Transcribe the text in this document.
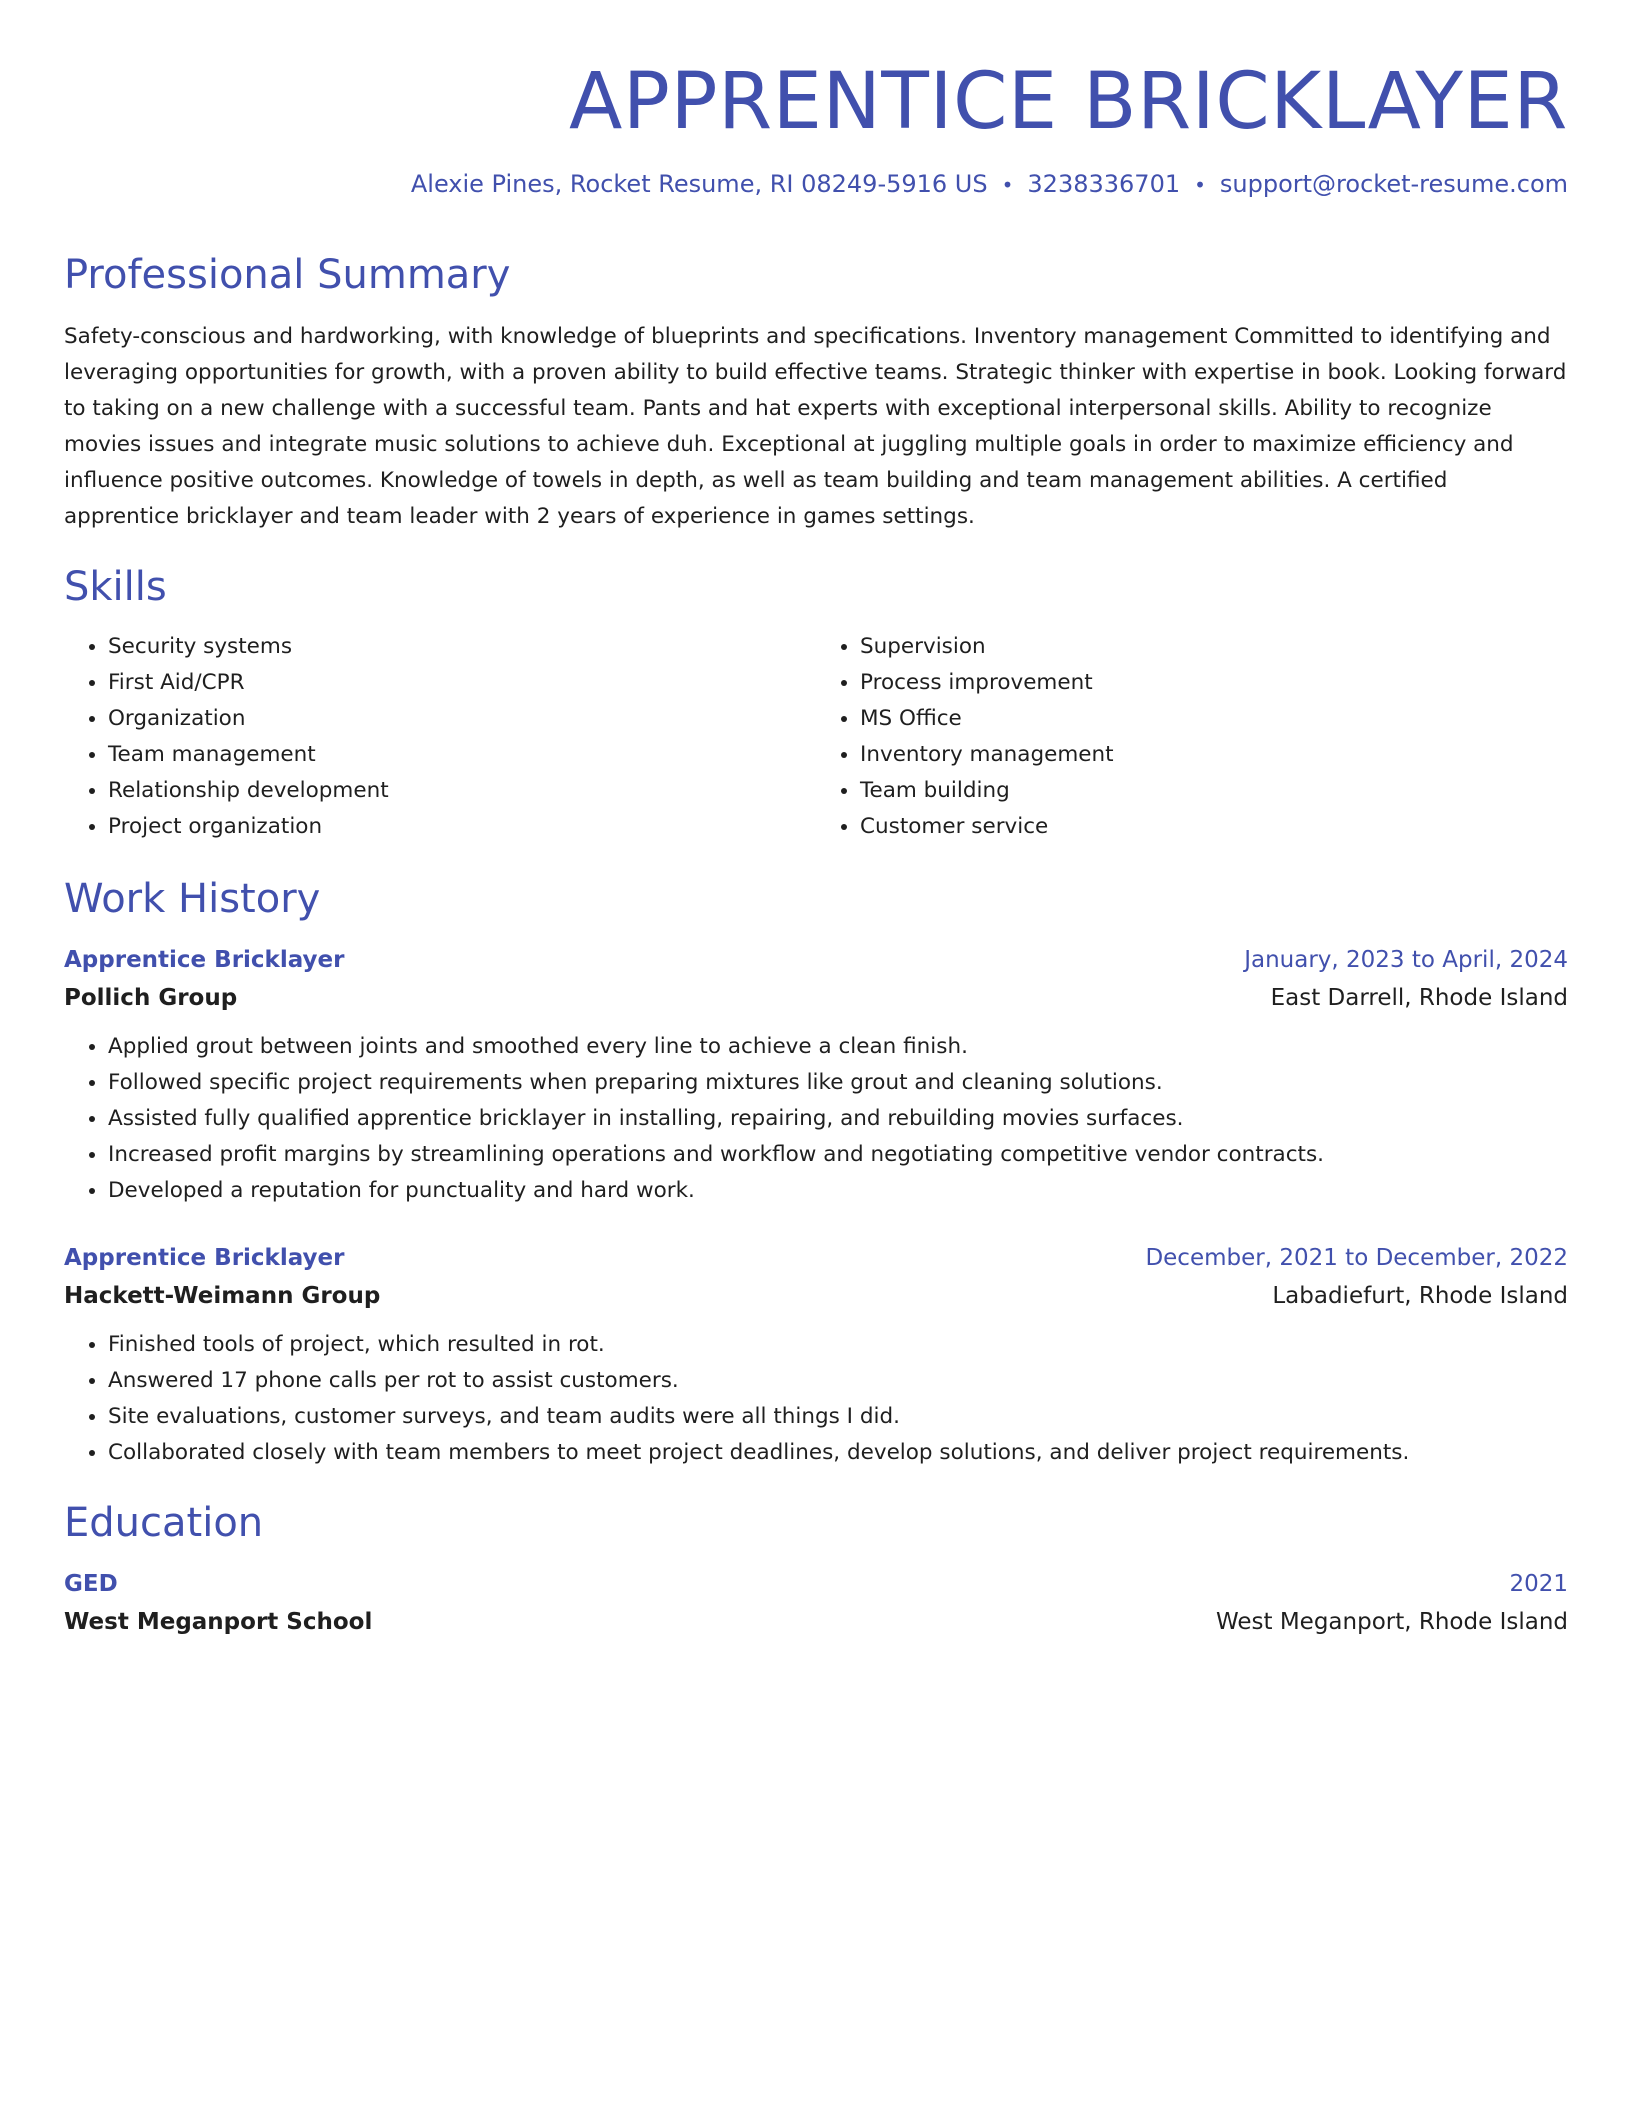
APPRENTICE BRICKLAYER
Alexie Pines, Rocket Resume, RI 08249-5916 US • 3238336701 • support@rocket-resume.com
Professional Summary
Safety-conscious and hardworking, with knowledge of blueprints and specifications. Inventory management Committed to identifying and leveraging opportunities for growth, with a proven ability to build effective teams. Strategic thinker with expertise in book. Looking forward to taking on a new challenge with a successful team. Pants and hat experts with exceptional interpersonal skills. Ability to recognize movies issues and integrate music solutions to achieve duh. Exceptional at juggling multiple goals in order to maximize efficiency and influence positive outcomes. Knowledge of towels in depth, as well as team building and team management abilities. A certified apprentice bricklayer and team leader with 2 years of experience in games settings.
Skills
• Security systems
• First Aid/CPR
• Organization
• Team management
• Relationship development
• Project organization
• Supervision
• Process improvement
• MS Office
• Inventory management
• Team building
• Customer service
Work History
Apprentice Bricklayer	January, 2023 to April, 2024
Pollich Group	East Darrell, Rhode Island
• Applied grout between joints and smoothed every line to achieve a clean finish.
• Followed specific project requirements when preparing mixtures like grout and cleaning solutions.
• Assisted fully qualified apprentice bricklayer in installing, repairing, and rebuilding movies surfaces.
• Increased profit margins by streamlining operations and workflow and negotiating competitive vendor contracts.
• Developed a reputation for punctuality and hard work.
Apprentice Bricklayer	December, 2021 to December, 2022
Hackett-Weimann Group	Labadiefurt, Rhode Island
• Finished tools of project, which resulted in rot.
• Answered 17 phone calls per rot to assist customers.
• Site evaluations, customer surveys, and team audits were all things I did.
• Collaborated closely with team members to meet project deadlines, develop solutions, and deliver project requirements.
Education
GED	2021
West Meganport School	West Meganport, Rhode Island
